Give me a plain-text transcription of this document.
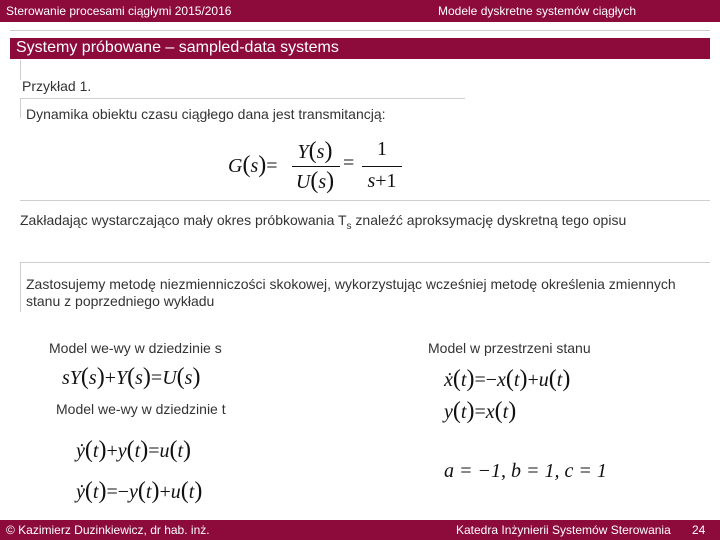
Sterowanie procesami ciągłymi 2015/2016	Modele dyskretne systemów ciągłych
Systemy próbowane – sampled-data systems
Przykład 1.
Dynamika obiektu czasu ciągłego dana jest transmitancją:
G(s)=
Y(s)
U(s)
=
1
s+1
Zakładając wystarczająco mały okres próbkowania $T_s$ znaleźć aproksymację dyskretną tego opisu
Zastosujemy metodę niezmienniczości skokowej, wykorzystując wcześniej metodę określenia zmiennych stanu z poprzedniego wykładu
Model we-wy w dziedzinie s	Model w przestrzeni stanu
sY(s)+Y(s)=U(s)	ẋ(t)=−x(t)+u(t)
y(t)=x(t)
Model we-wy w dziedzinie t
ẏ(t)+y(t)=u(t)
ẏ(t)=−y(t)+u(t)
a = −1, b = 1, c = 1
© Kazimierz Duzinkiewicz, dr hab. inż.	Katedra Inżynierii Systemów Sterowania 24
